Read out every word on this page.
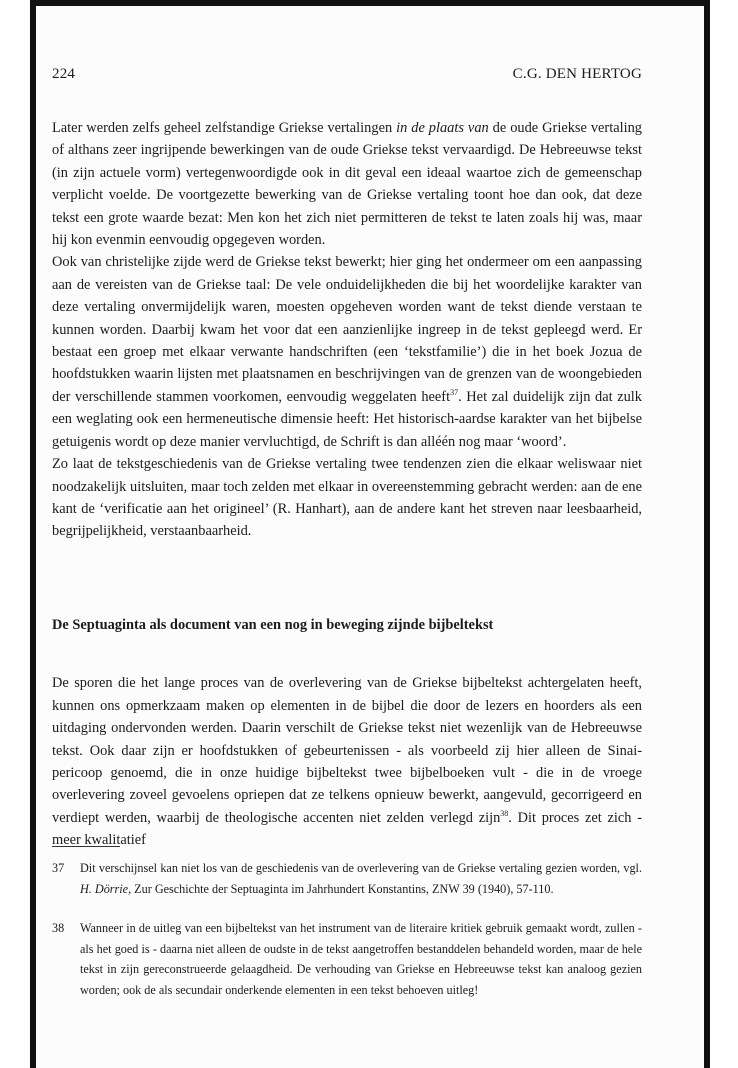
224	C.G. DEN HERTOG

Later werden zelfs geheel zelfstandige Griekse vertalingen in de plaats van de oude Griekse vertaling of althans zeer ingrijpende bewerkingen van de oude Griekse tekst vervaardigd. De Hebreeuwse tekst (in zijn actuele vorm) vertegenwoordigde ook in dit geval een ideaal waartoe zich de gemeenschap verplicht voelde. De voortgezette bewerking van de Griekse vertaling toont hoe dan ook, dat deze tekst een grote waarde bezat: Men kon het zich niet permitteren de tekst te laten zoals hij was, maar hij kon evenmin eenvoudig opgegeven worden.

Ook van christelijke zijde werd de Griekse tekst bewerkt; hier ging het ondermeer om een aanpassing aan de vereisten van de Griekse taal: De vele onduidelijkheden die bij het woordelijke karakter van deze vertaling onvermijdelijk waren, moesten opgeheven worden want de tekst diende verstaan te kunnen worden. Daarbij kwam het voor dat een aanzienlijke ingreep in de tekst gepleegd werd. Er bestaat een groep met elkaar verwante handschriften (een ‘tekstfamilie’) die in het boek Jozua de hoofdstukken waarin lijsten met plaatsnamen en beschrijvingen van de grenzen van de woongebieden der verschillende stammen voorkomen, eenvoudig weggelaten heeft$^{37}$. Het zal duidelijk zijn dat zulk een weglating ook een hermeneutische dimensie heeft: Het historisch-aardse karakter van het bijbelse getuigenis wordt op deze manier vervluchtigd, de Schrift is dan alléén nog maar ‘woord’.

Zo laat de tekstgeschiedenis van de Griekse vertaling twee tendenzen zien die elkaar weliswaar niet noodzakelijk uitsluiten, maar toch zelden met elkaar in overeenstemming gebracht werden: aan de ene kant de ‘verificatie aan het origineel’ (R. Hanhart), aan de andere kant het streven naar leesbaarheid, begrijpelijkheid, verstaanbaarheid.

De Septuaginta als document van een nog in beweging zijnde bijbeltekst

De sporen die het lange proces van de overlevering van de Griekse bijbeltekst achtergelaten heeft, kunnen ons opmerkzaam maken op elementen in de bijbel die door de lezers en hoorders als een uitdaging ondervonden werden. Daarin verschilt de Griekse tekst niet wezenlijk van de Hebreeuwse tekst. Ook daar zijn er hoofdstukken of gebeurtenissen - als voorbeeld zij hier alleen de Sinai-pericoop genoemd, die in onze huidige bijbeltekst twee bijbelboeken vult - die in de vroege overlevering zoveel gevoelens opriepen dat ze telkens opnieuw bewerkt, aangevuld, gecorrigeerd en verdiept werden, waarbij de theologische accenten niet zelden verlegd zijn$^{38}$. Dit proces zet zich - meer kwalitatief

37	Dit verschijnsel kan niet los van de geschiedenis van de overlevering van de Griekse vertaling gezien worden, vgl. H. Dörrie, Zur Geschichte der Septuaginta im Jahrhundert Konstantins, ZNW 39 (1940), 57-110.
38	Wanneer in de uitleg van een bijbeltekst van het instrument van de literaire kritiek gebruik gemaakt wordt, zullen - als het goed is - daarna niet alleen de oudste in de tekst aangetroffen bestanddelen behandeld worden, maar de hele tekst in zijn gereconstrueerde gelaagdheid. De verhouding van Griekse en Hebreeuwse tekst kan analoog gezien worden; ook de als secundair onderkende elementen in een tekst behoeven uitleg!
